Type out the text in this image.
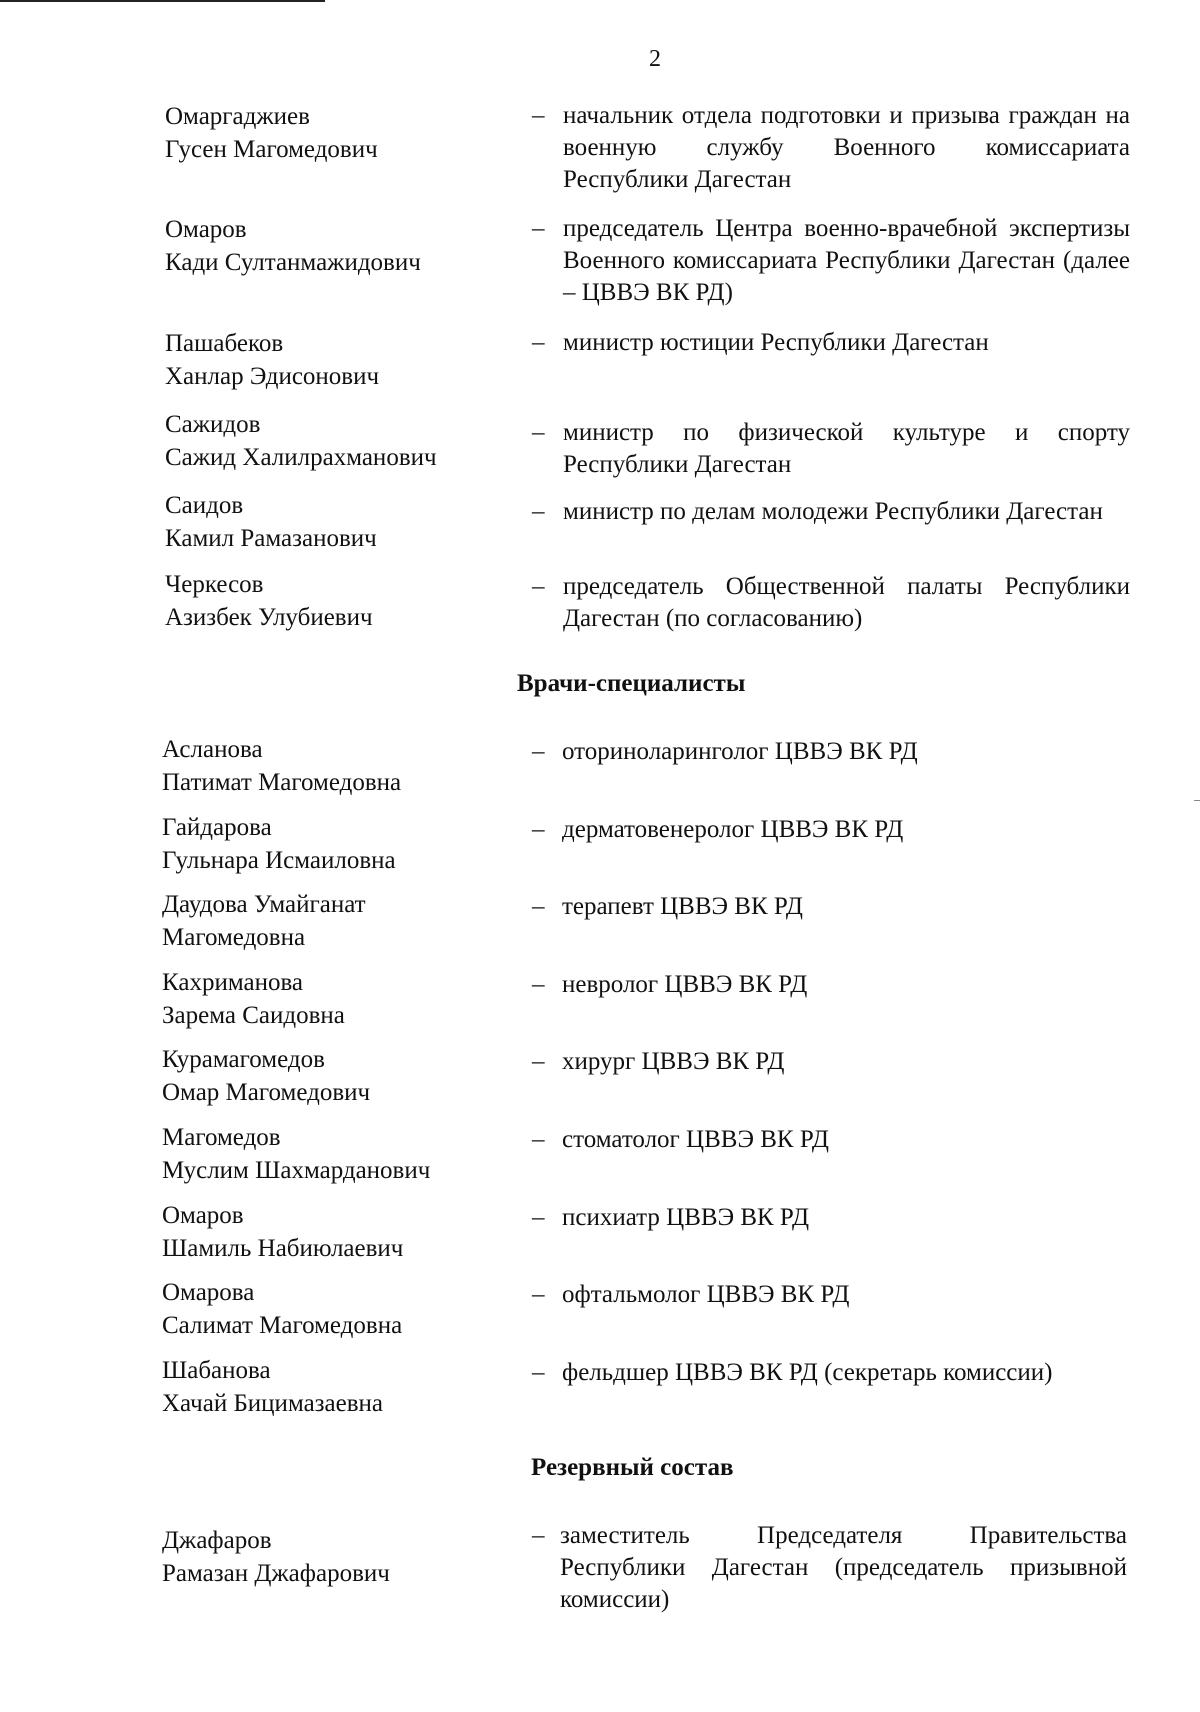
2
Омаргаджиев
Гусен Магомедович
– начальник отдела подготовки и призыва граждан на военную службу Военного комиссариата Республики Дагестан
Омаров
Кади Султанмажидович
– председатель Центра военно-врачебной экспертизы Военного комиссариата Республики Дагестан (далее – ЦВВЭ ВК РД)
Пашабеков
Ханлар Эдисонович
– министр юстиции Республики Дагестан
Сажидов
Сажид Халилрахманович
– министр по физической культуре и спорту Республики Дагестан
Саидов
Камил Рамазанович
– министр по делам молодежи Республики Дагестан
Черкесов
Азизбек Улубиевич
– председатель Общественной палаты Республики Дагестан (по согласованию)
Врачи-специалисты
Асланова
Патимат Магомедовна
– оториноларинголог ЦВВЭ ВК РД
Гайдарова
Гульнара Исмаиловна
– дерматовенеролог ЦВВЭ ВК РД
Даудова Умайганат
Магомедовна
– терапевт ЦВВЭ ВК РД
Кахриманова
Зарема Саидовна
– невролог ЦВВЭ ВК РД
Курамагомедов
Омар Магомедович
– хирург ЦВВЭ ВК РД
Магомедов
Муслим Шахмарданович
– стоматолог ЦВВЭ ВК РД
Омаров
Шамиль Набиюлаевич
– психиатр ЦВВЭ ВК РД
Омарова
Салимат Магомедовна
– офтальмолог ЦВВЭ ВК РД
Шабанова
Хачай Бицимазаевна
– фельдшер ЦВВЭ ВК РД (секретарь комиссии)
Резервный состав
Джафаров
Рамазан Джафарович
– заместитель Председателя Правительства Республики Дагестан (председатель призывной комиссии)
